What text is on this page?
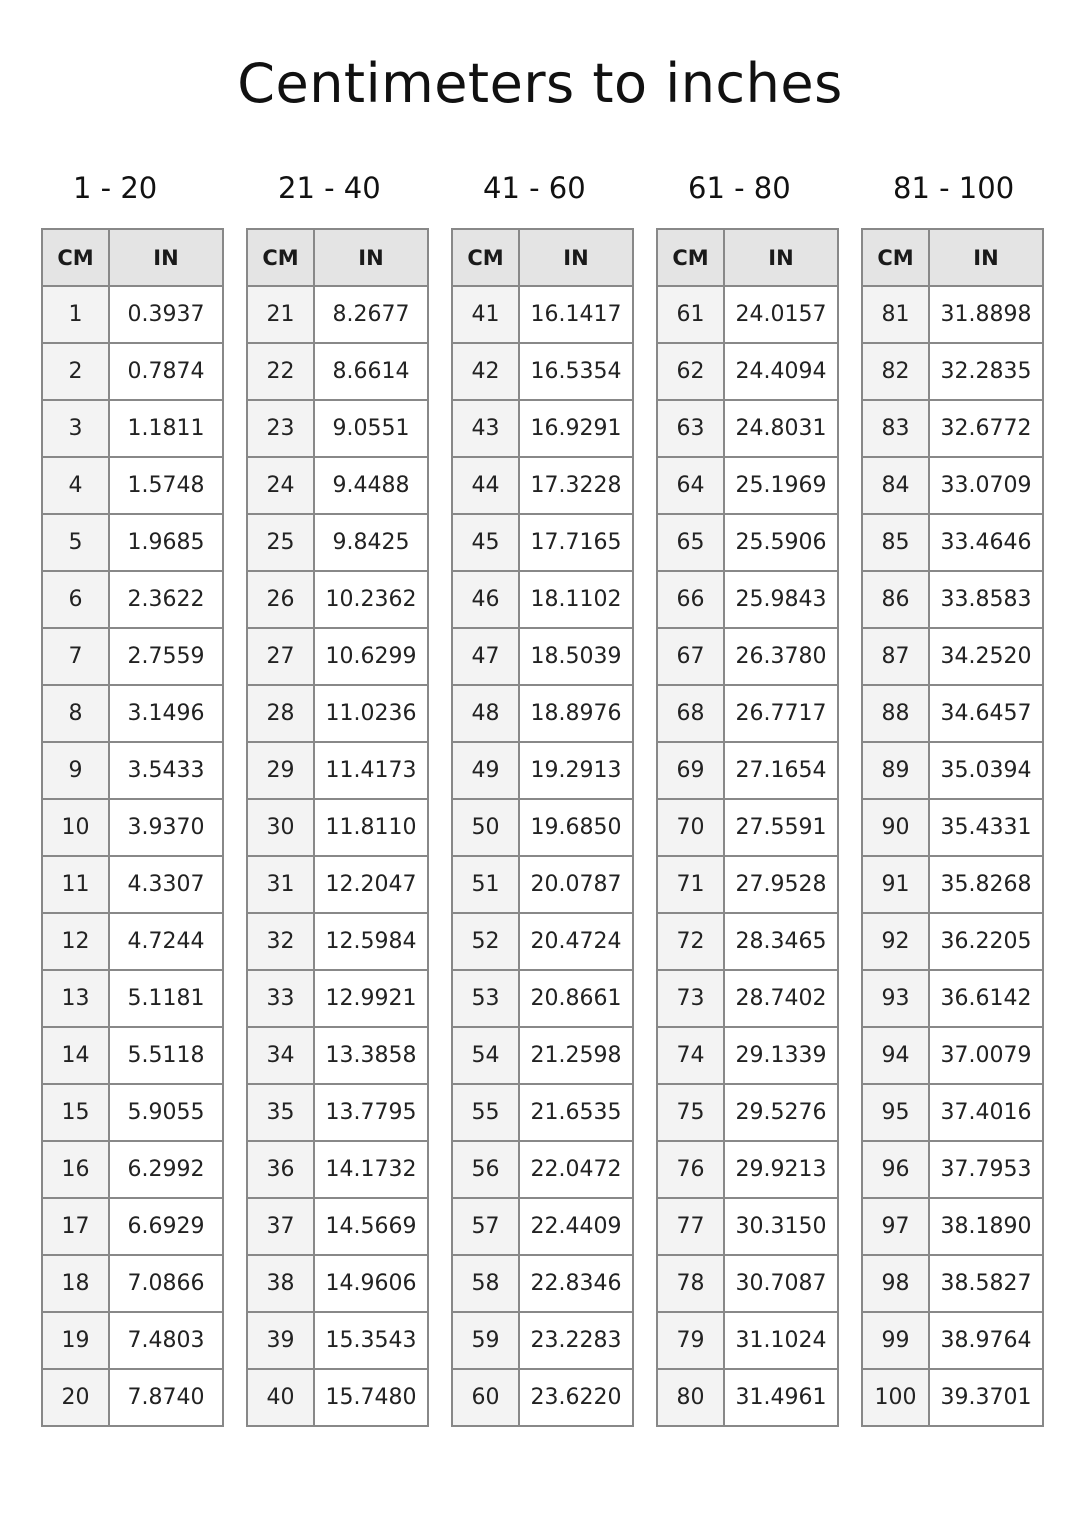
Centimeters to inches
1 - 20
CM	IN
1	0.3937
2	0.7874
3	1.1811
4	1.5748
5	1.9685
6	2.3622
7	2.7559
8	3.1496
9	3.5433
10	3.9370
11	4.3307
12	4.7244
13	5.1181
14	5.5118
15	5.9055
16	6.2992
17	6.6929
18	7.0866
19	7.4803
20	7.8740
21 - 40
CM	IN
21	8.2677
22	8.6614
23	9.0551
24	9.4488
25	9.8425
26	10.2362
27	10.6299
28	11.0236
29	11.4173
30	11.8110
31	12.2047
32	12.5984
33	12.9921
34	13.3858
35	13.7795
36	14.1732
37	14.5669
38	14.9606
39	15.3543
40	15.7480
41 - 60
CM	IN
41	16.1417
42	16.5354
43	16.9291
44	17.3228
45	17.7165
46	18.1102
47	18.5039
48	18.8976
49	19.2913
50	19.6850
51	20.0787
52	20.4724
53	20.8661
54	21.2598
55	21.6535
56	22.0472
57	22.4409
58	22.8346
59	23.2283
60	23.6220
61 - 80
CM	IN
61	24.0157
62	24.4094
63	24.8031
64	25.1969
65	25.5906
66	25.9843
67	26.3780
68	26.7717
69	27.1654
70	27.5591
71	27.9528
72	28.3465
73	28.7402
74	29.1339
75	29.5276
76	29.9213
77	30.3150
78	30.7087
79	31.1024
80	31.4961
81 - 100
CM	IN
81	31.8898
82	32.2835
83	32.6772
84	33.0709
85	33.4646
86	33.8583
87	34.2520
88	34.6457
89	35.0394
90	35.4331
91	35.8268
92	36.2205
93	36.6142
94	37.0079
95	37.4016
96	37.7953
97	38.1890
98	38.5827
99	38.9764
100	39.3701
